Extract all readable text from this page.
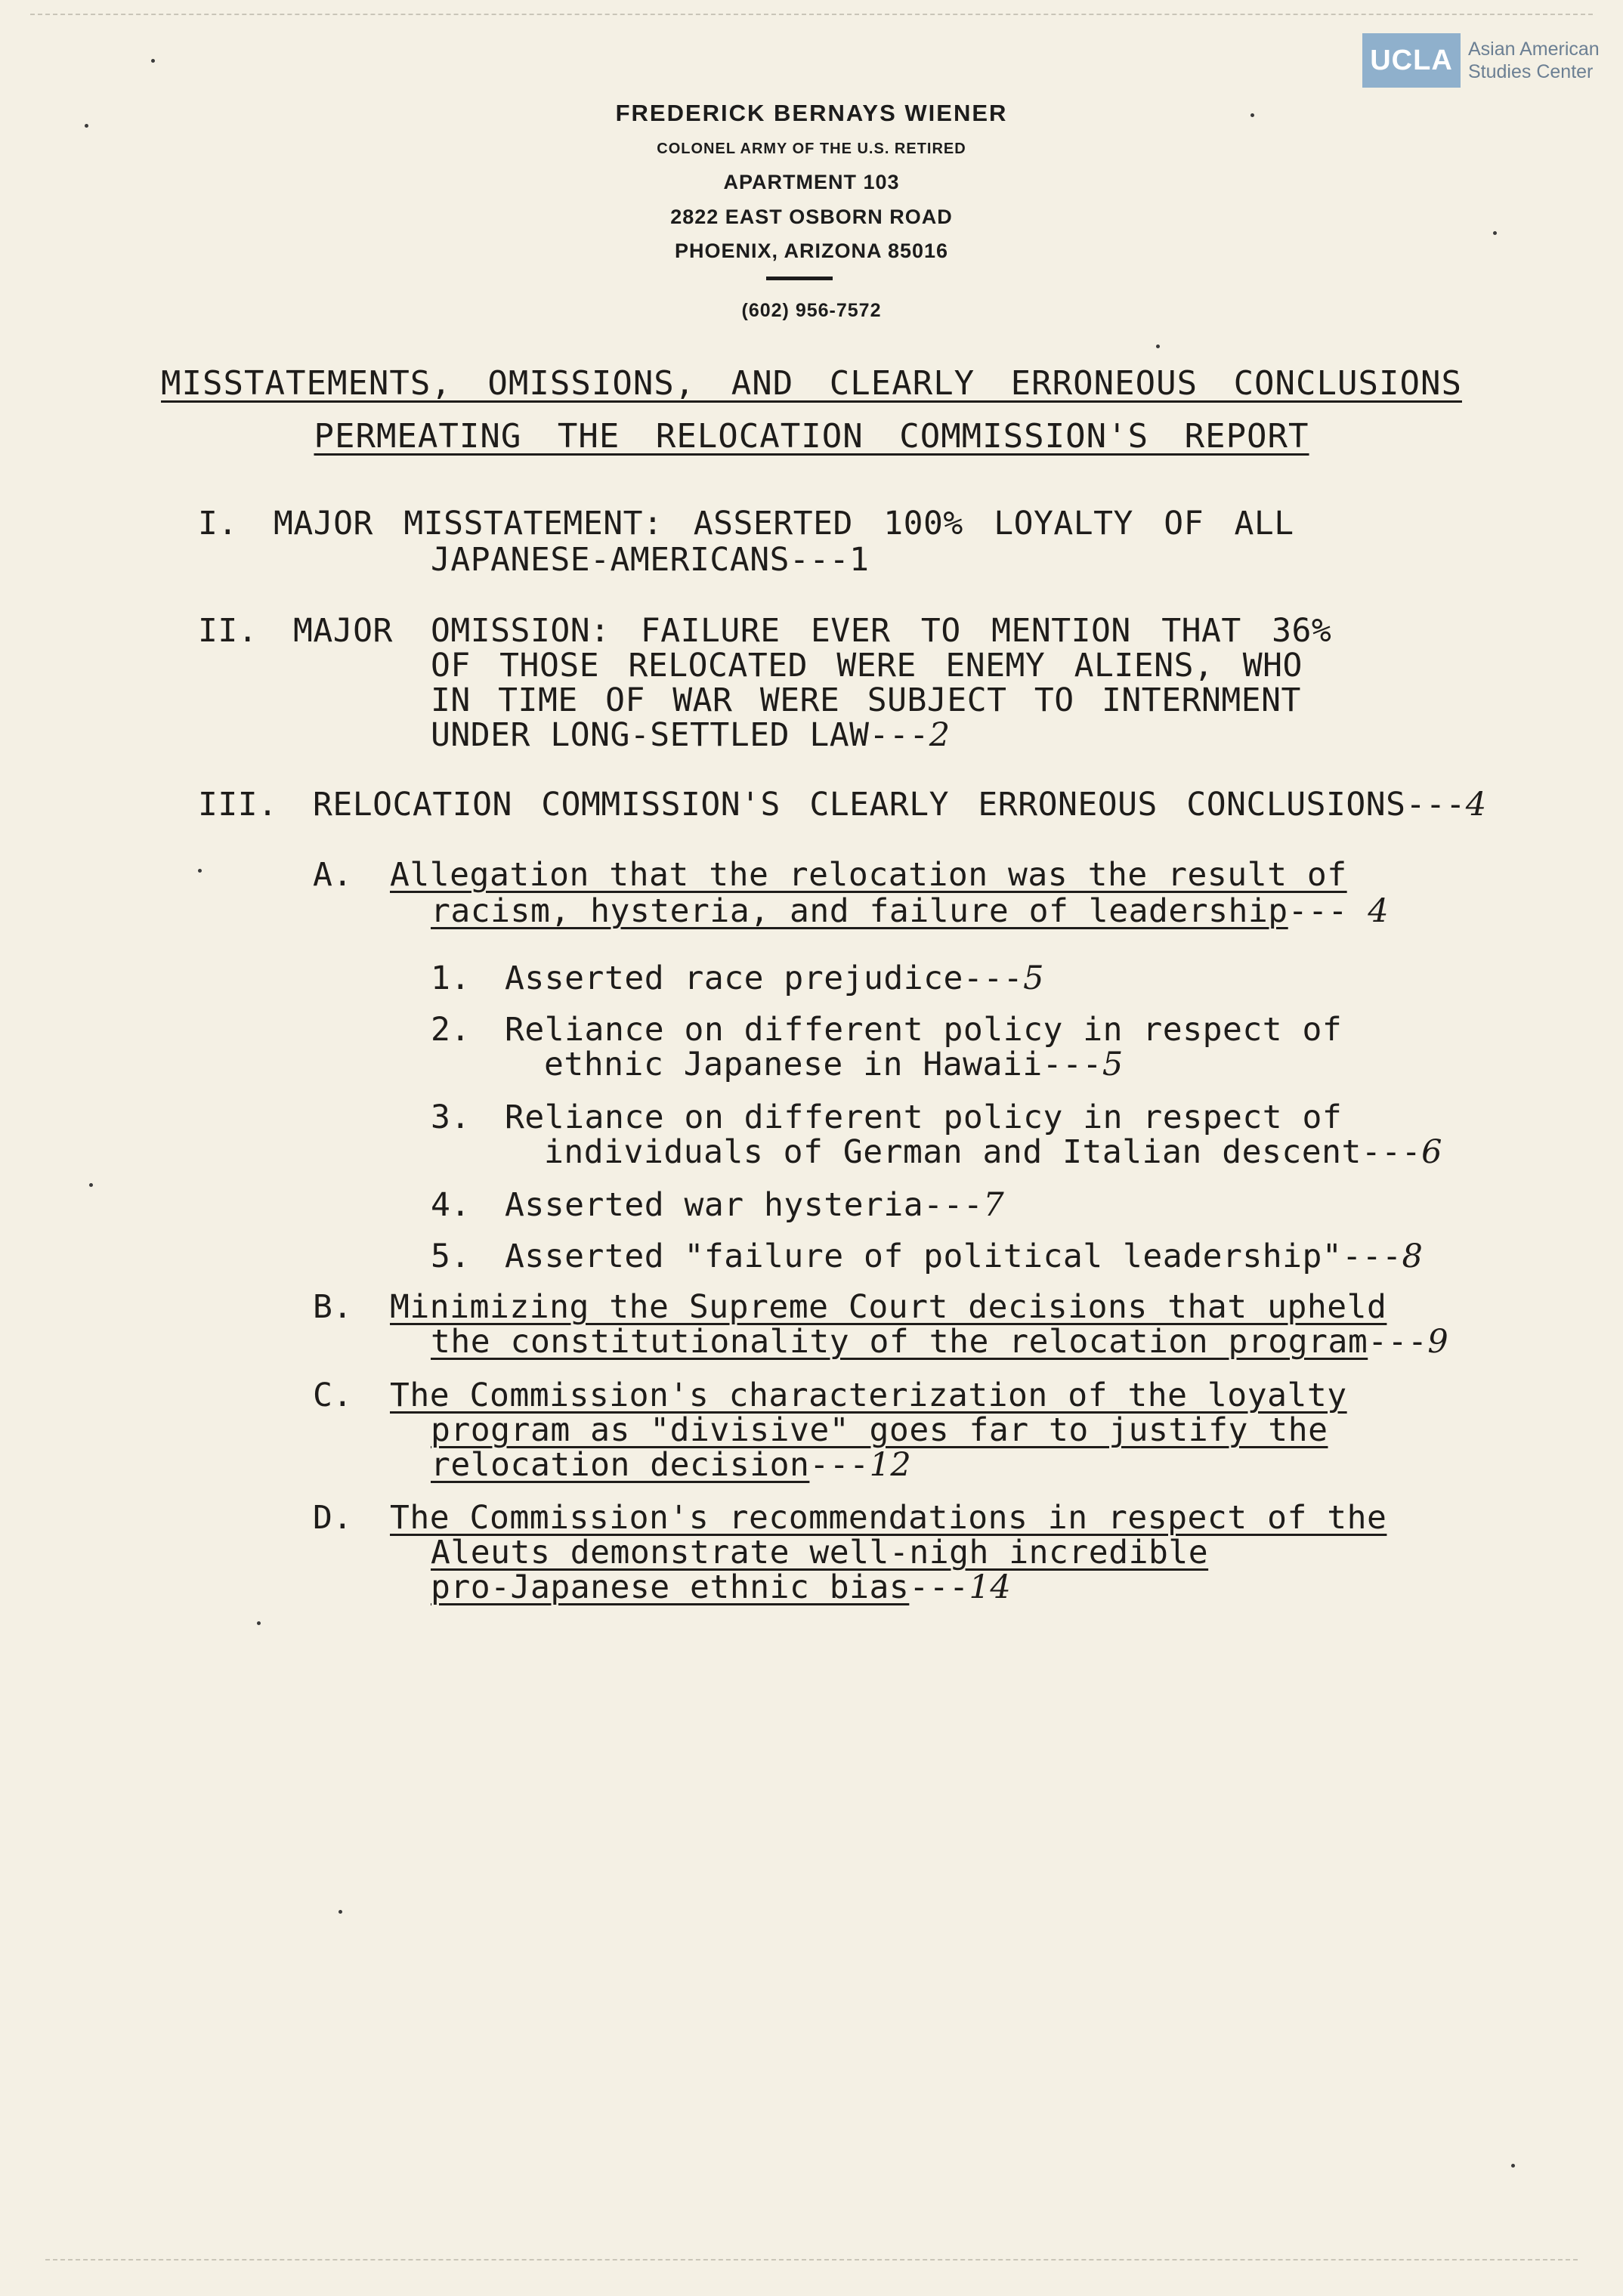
UCLA Asian American
Studies Center
FREDERICK BERNAYS WIENER
COLONEL ARMY OF THE U.S. RETIRED
APARTMENT 103
2822 EAST OSBORN ROAD
PHOENIX, ARIZONA 85016
(602) 956-7572
MISSTATEMENTS, OMISSIONS, AND CLEARLY ERRONEOUS CONCLUSIONS
PERMEATING THE RELOCATION COMMISSION'S REPORT
I. MAJOR MISSTATEMENT: ASSERTED 100% LOYALTY OF ALL
JAPANESE-AMERICANS---1
II. MAJOR OMISSION: FAILURE EVER TO MENTION THAT 36%
OF THOSE RELOCATED WERE ENEMY ALIENS, WHO
IN TIME OF WAR WERE SUBJECT TO INTERNMENT
UNDER LONG-SETTLED LAW---2
III. RELOCATION COMMISSION'S CLEARLY ERRONEOUS CONCLUSIONS---4
A. Allegation that the relocation was the result of
racism, hysteria, and failure of leadership--- 4
1. Asserted race prejudice---5
2. Reliance on different policy in respect of
ethnic Japanese in Hawaii---5
3. Reliance on different policy in respect of
individuals of German and Italian descent---6
4. Asserted war hysteria---7
5. Asserted "failure of political leadership"---8
B. Minimizing the Supreme Court decisions that upheld
the constitutionality of the relocation program---9
C. The Commission's characterization of the loyalty
program as "divisive" goes far to justify the
relocation decision---12
D. The Commission's recommendations in respect of the
Aleuts demonstrate well-nigh incredible
pro-Japanese ethnic bias---14
